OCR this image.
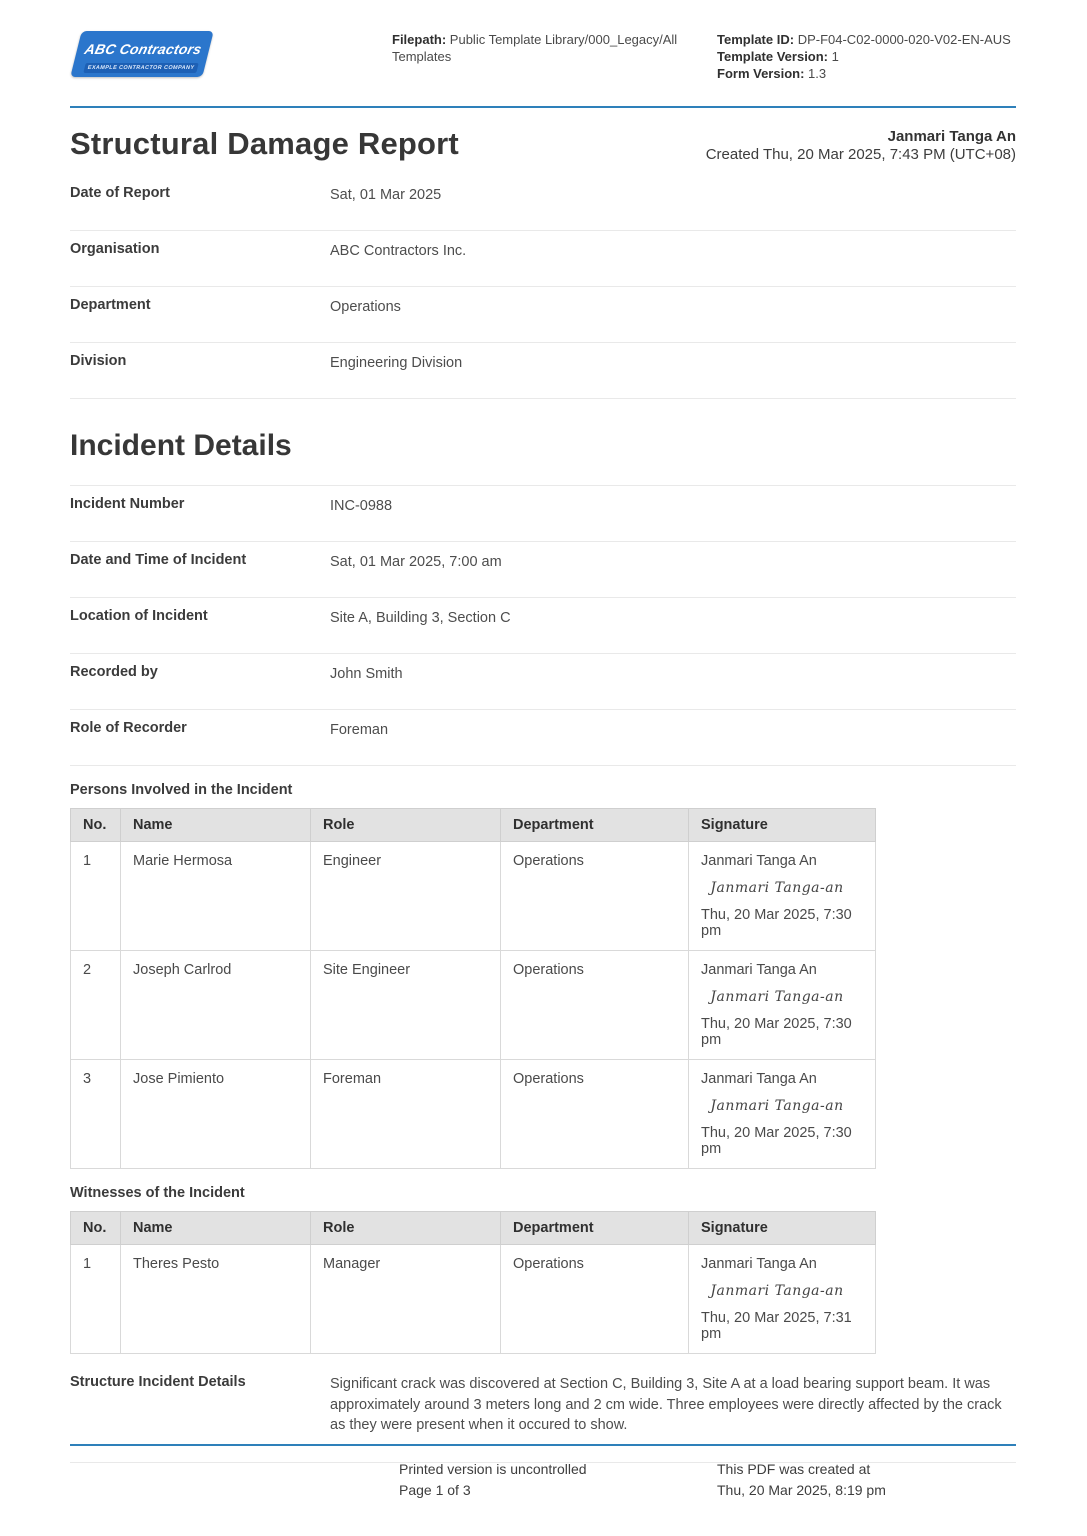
ABC Contractors
EXAMPLE CONTRACTOR COMPANY
Filepath: Public Template Library/000_Legacy/All Templates
Template ID: DP-F04-C02-0000-020-V02-EN-AUS
Template Version: 1
Form Version: 1.3
Structural Damage Report	Janmari Tanga An
Created Thu, 20 Mar 2025, 7:43 PM (UTC+08)
Date of Report	Sat, 01 Mar 2025
Organisation	ABC Contractors Inc.
Department	Operations
Division	Engineering Division
Incident Details
Incident Number	INC-0988
Date and Time of Incident	Sat, 01 Mar 2025, 7:00 am
Location of Incident	Site A, Building 3, Section C
Recorded by	John Smith
Role of Recorder	Foreman
Persons Involved in the Incident
No.	Name	Role	Department	Signature
1	Marie Hermosa	Engineer	Operations	Janmari Tanga An
Janmari Tanga-an
Thu, 20 Mar 2025, 7:30 pm

2	Joseph Carlrod	Site Engineer	Operations	Janmari Tanga An
Janmari Tanga-an
Thu, 20 Mar 2025, 7:30 pm

3	Jose Pimiento	Foreman	Operations	Janmari Tanga An
Janmari Tanga-an
Thu, 20 Mar 2025, 7:30 pm
Witnesses of the Incident
No.	Name	Role	Department	Signature
1	Theres Pesto	Manager	Operations	Janmari Tanga An
Janmari Tanga-an
Thu, 20 Mar 2025, 7:31 pm
Structure Incident Details	Significant crack was discovered at Section C, Building 3, Site A at a load bearing support beam. It was approximately around 3 meters long and 2 cm wide. Three employees were directly affected by the crack as they were present when it occured to show.
Printed version is uncontrolled
Page 1 of 3
This PDF was created at
Thu, 20 Mar 2025, 8:19 pm
